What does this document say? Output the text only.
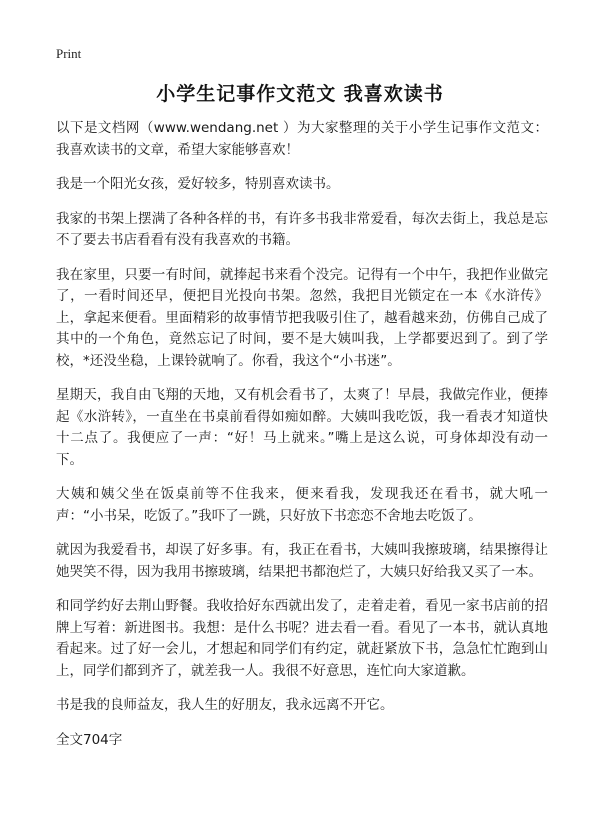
Print
小学生记事作文范文 我喜欢读书

以下是文档网（www.wendang.net ）为大家整理的关于小学生记事作文范文：我喜欢读书的文章，希望大家能够喜欢！

我是一个阳光女孩，爱好较多，特别喜欢读书。

我家的书架上摆满了各种各样的书，有许多书我非常爱看，每次去街上，我总是忘不了要去书店看看有没有我喜欢的书籍。

我在家里，只要一有时间，就捧起书来看个没完。记得有一个中午，我把作业做完了，一看时间还早，便把目光投向书架。忽然，我把目光锁定在一本《水浒传》上，拿起来便看。里面精彩的故事情节把我吸引住了，越看越来劲，仿佛自己成了其中的一个角色，竟然忘记了时间，要不是大姨叫我，上学都要迟到了。到了学校，*还没坐稳，上课铃就响了。你看，我这个“小书迷”。

星期天，我自由飞翔的天地，又有机会看书了，太爽了！早晨，我做完作业，便捧起《水浒转》，一直坐在书桌前看得如痴如醉。大姨叫我吃饭，我一看表才知道快十二点了。我便应了一声：“好！马上就来。”嘴上是这么说，可身体却没有动一下。

大姨和姨父坐在饭桌前等不住我来，便来看我，发现我还在看书，就大吼一声：“小书呆，吃饭了。”我吓了一跳，只好放下书恋恋不舍地去吃饭了。

就因为我爱看书，却误了好多事。有，我正在看书，大姨叫我擦玻璃，结果擦得让她哭笑不得，因为我用书擦玻璃，结果把书都泡烂了，大姨只好给我又买了一本。

和同学约好去荆山野餐。我收拾好东西就出发了，走着走着，看见一家书店前的招牌上写着：新进图书。我想：是什么书呢？进去看一看。看见了一本书，就认真地看起来。过了好一会儿，才想起和同学们有约定，就赶紧放下书，急急忙忙跑到山上，同学们都到齐了，就差我一人。我很不好意思，连忙向大家道歉。

书是我的良师益友，我人生的好朋友，我永远离不开它。

全文704字
